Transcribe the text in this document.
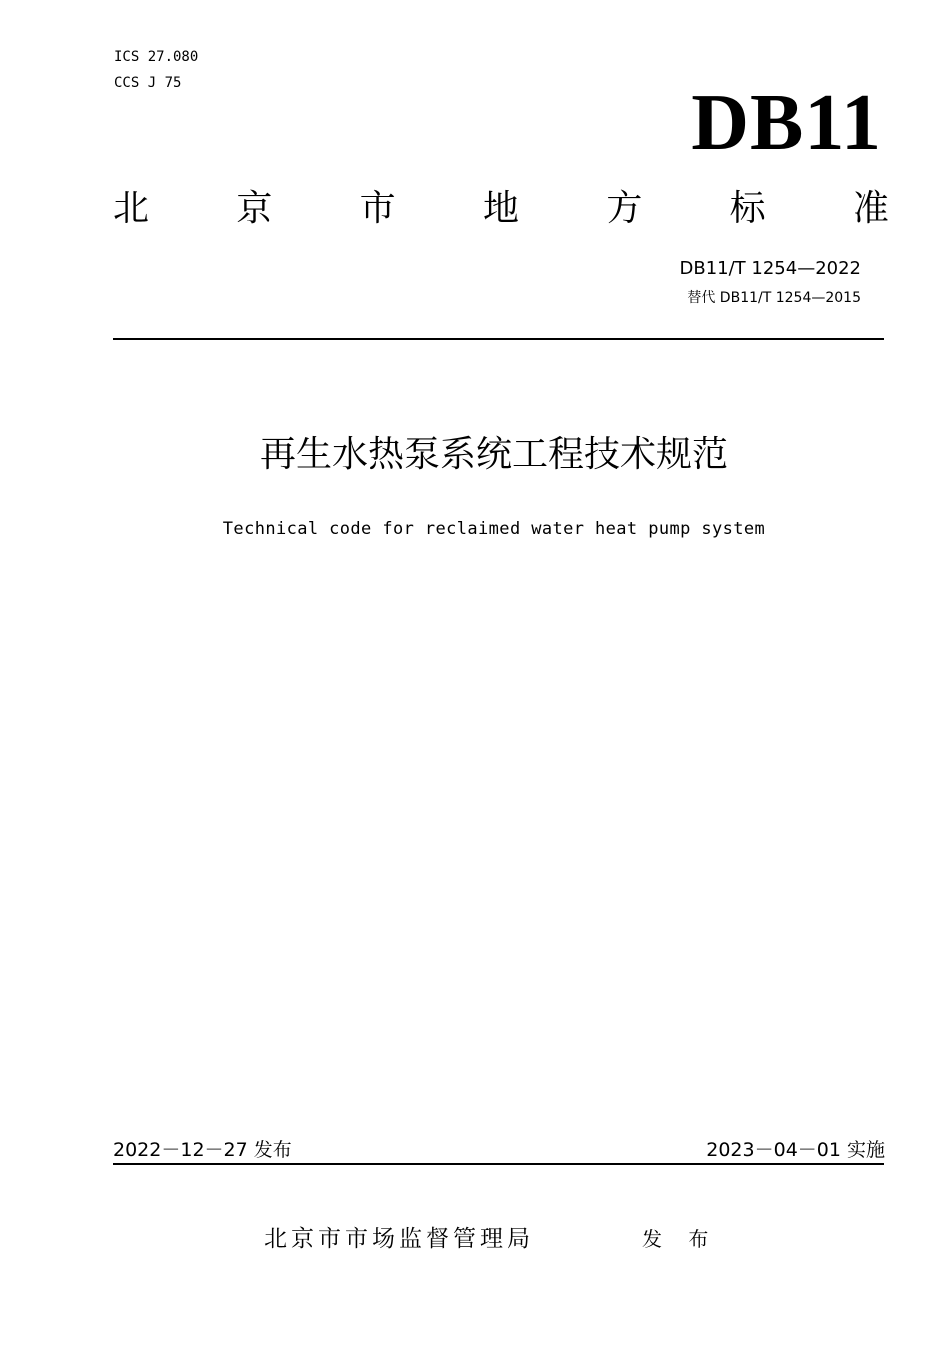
ICS 27.080
CCS J 75	DB11
北 京 市 地 方 标 准
DB11/T 1254—2022
替代 DB11/T 1254—2015
再生水热泵系统工程技术规范
Technical code for reclaimed water heat pump system
2022－12－27 发布	2023－04－01 实施
北京市市场监督管理局	发 布
